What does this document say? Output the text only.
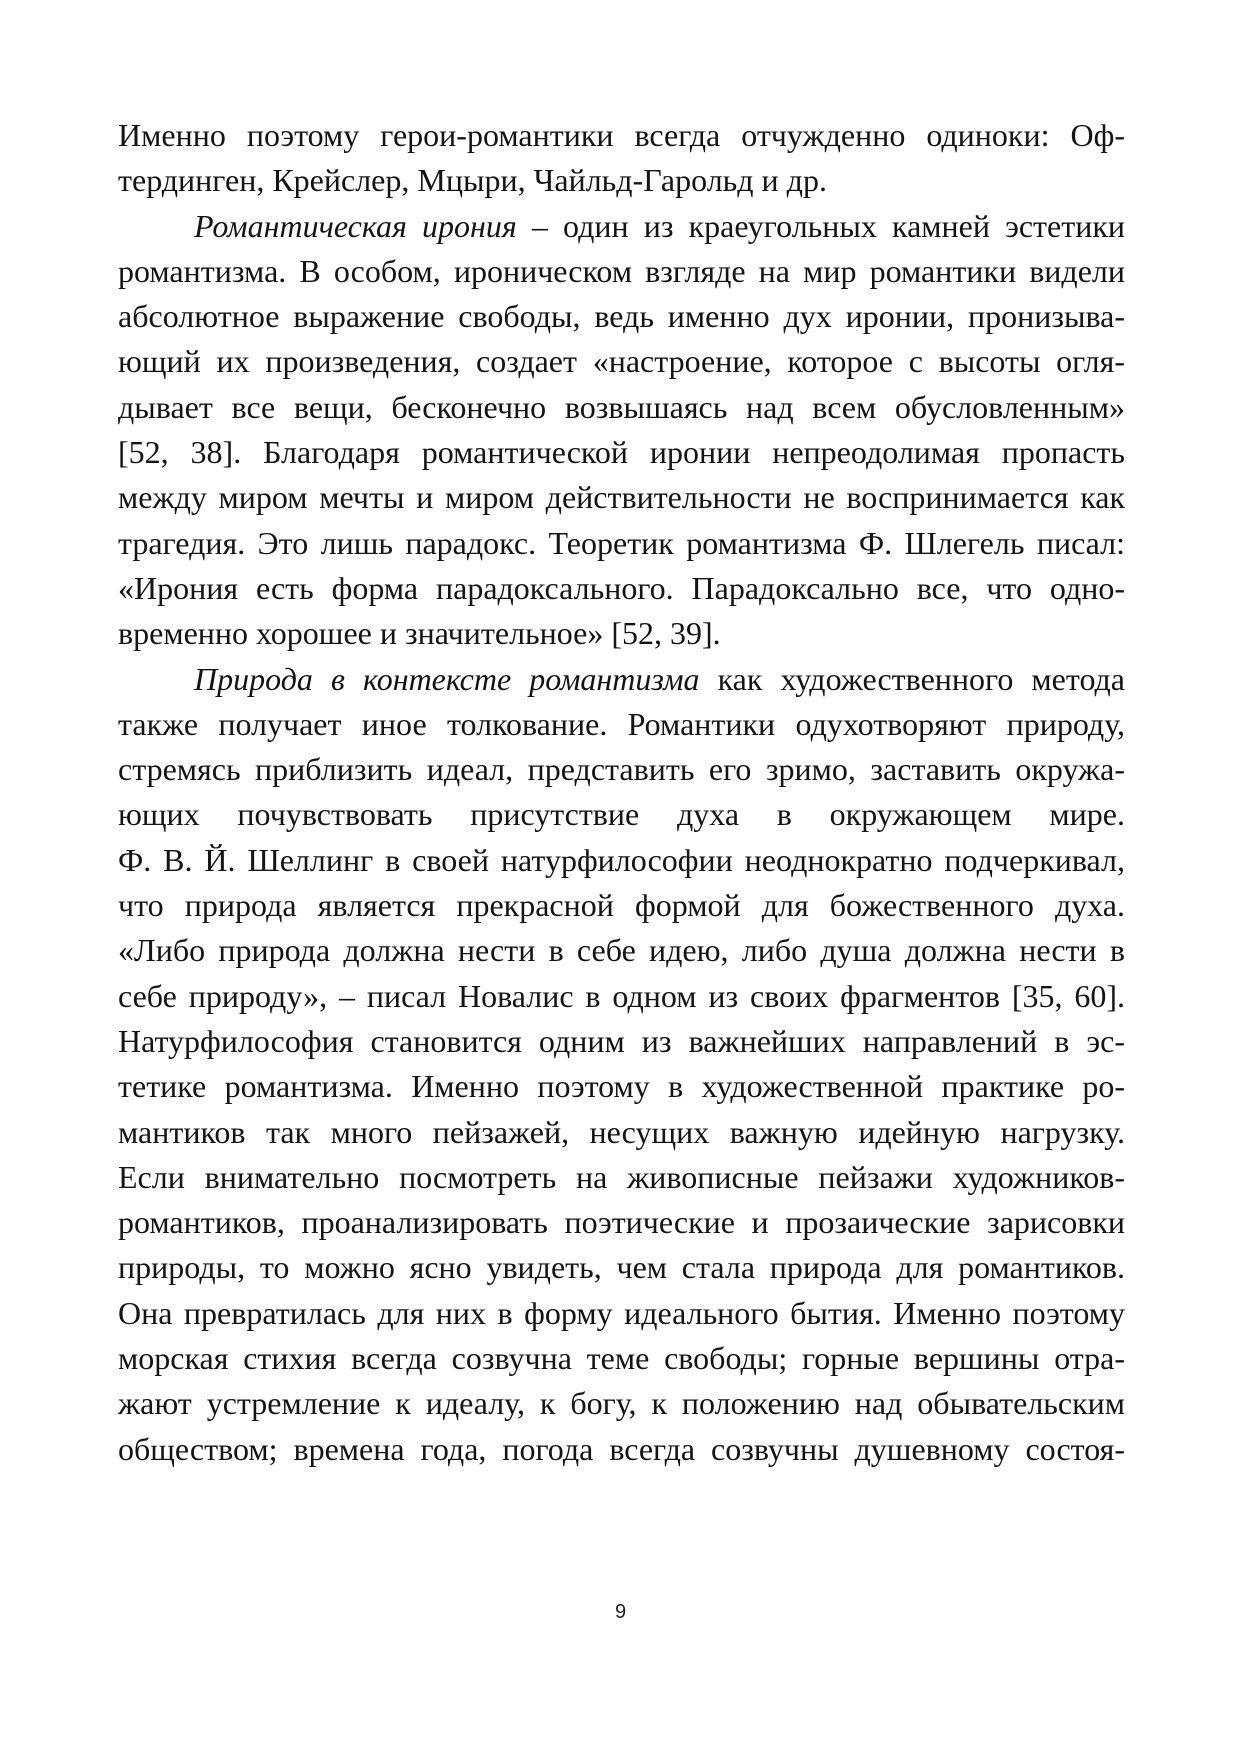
Именно поэтому герои-романтики всегда отчужденно одиноки: Оф-
тердинген, Крейслер, Мцыри, Чайльд-Гарольд и др.
Романтическая ирония – один из краеугольных камней эстетики
романтизма. В особом, ироническом взгляде на мир романтики видели
абсолютное выражение свободы, ведь именно дух иронии, пронизыва-
ющий их произведения, создает «настроение, которое с высоты огля-
дывает все вещи, бесконечно возвышаясь над всем обусловленным»
[52, 38]. Благодаря романтической иронии непреодолимая пропасть
между миром мечты и миром действительности не воспринимается как
трагедия. Это лишь парадокс. Теоретик романтизма Ф. Шлегель писал:
«Ирония есть форма парадоксального. Парадоксально все, что одно-
временно хорошее и значительное» [52, 39].
Природа в контексте романтизма как художественного метода
также получает иное толкование. Романтики одухотворяют природу,
стремясь приблизить идеал, представить его зримо, заставить окружа-
ющих почувствовать присутствие духа в окружающем мире.
Ф. В. Й. Шеллинг в своей натурфилософии неоднократно подчеркивал,
что природа является прекрасной формой для божественного духа.
«Либо природа должна нести в себе идею, либо душа должна нести в
себе природу», – писал Новалис в одном из своих фрагментов [35, 60].
Натурфилософия становится одним из важнейших направлений в эс-
тетике романтизма. Именно поэтому в художественной практике ро-
мантиков так много пейзажей, несущих важную идейную нагрузку.
Если внимательно посмотреть на живописные пейзажи художников-
романтиков, проанализировать поэтические и прозаические зарисовки
природы, то можно ясно увидеть, чем стала природа для романтиков.
Она превратилась для них в форму идеального бытия. Именно поэтому
морская стихия всегда созвучна теме свободы; горные вершины отра-
жают устремление к идеалу, к богу, к положению над обывательским
обществом; времена года, погода всегда созвучны душевному состоя-
9
